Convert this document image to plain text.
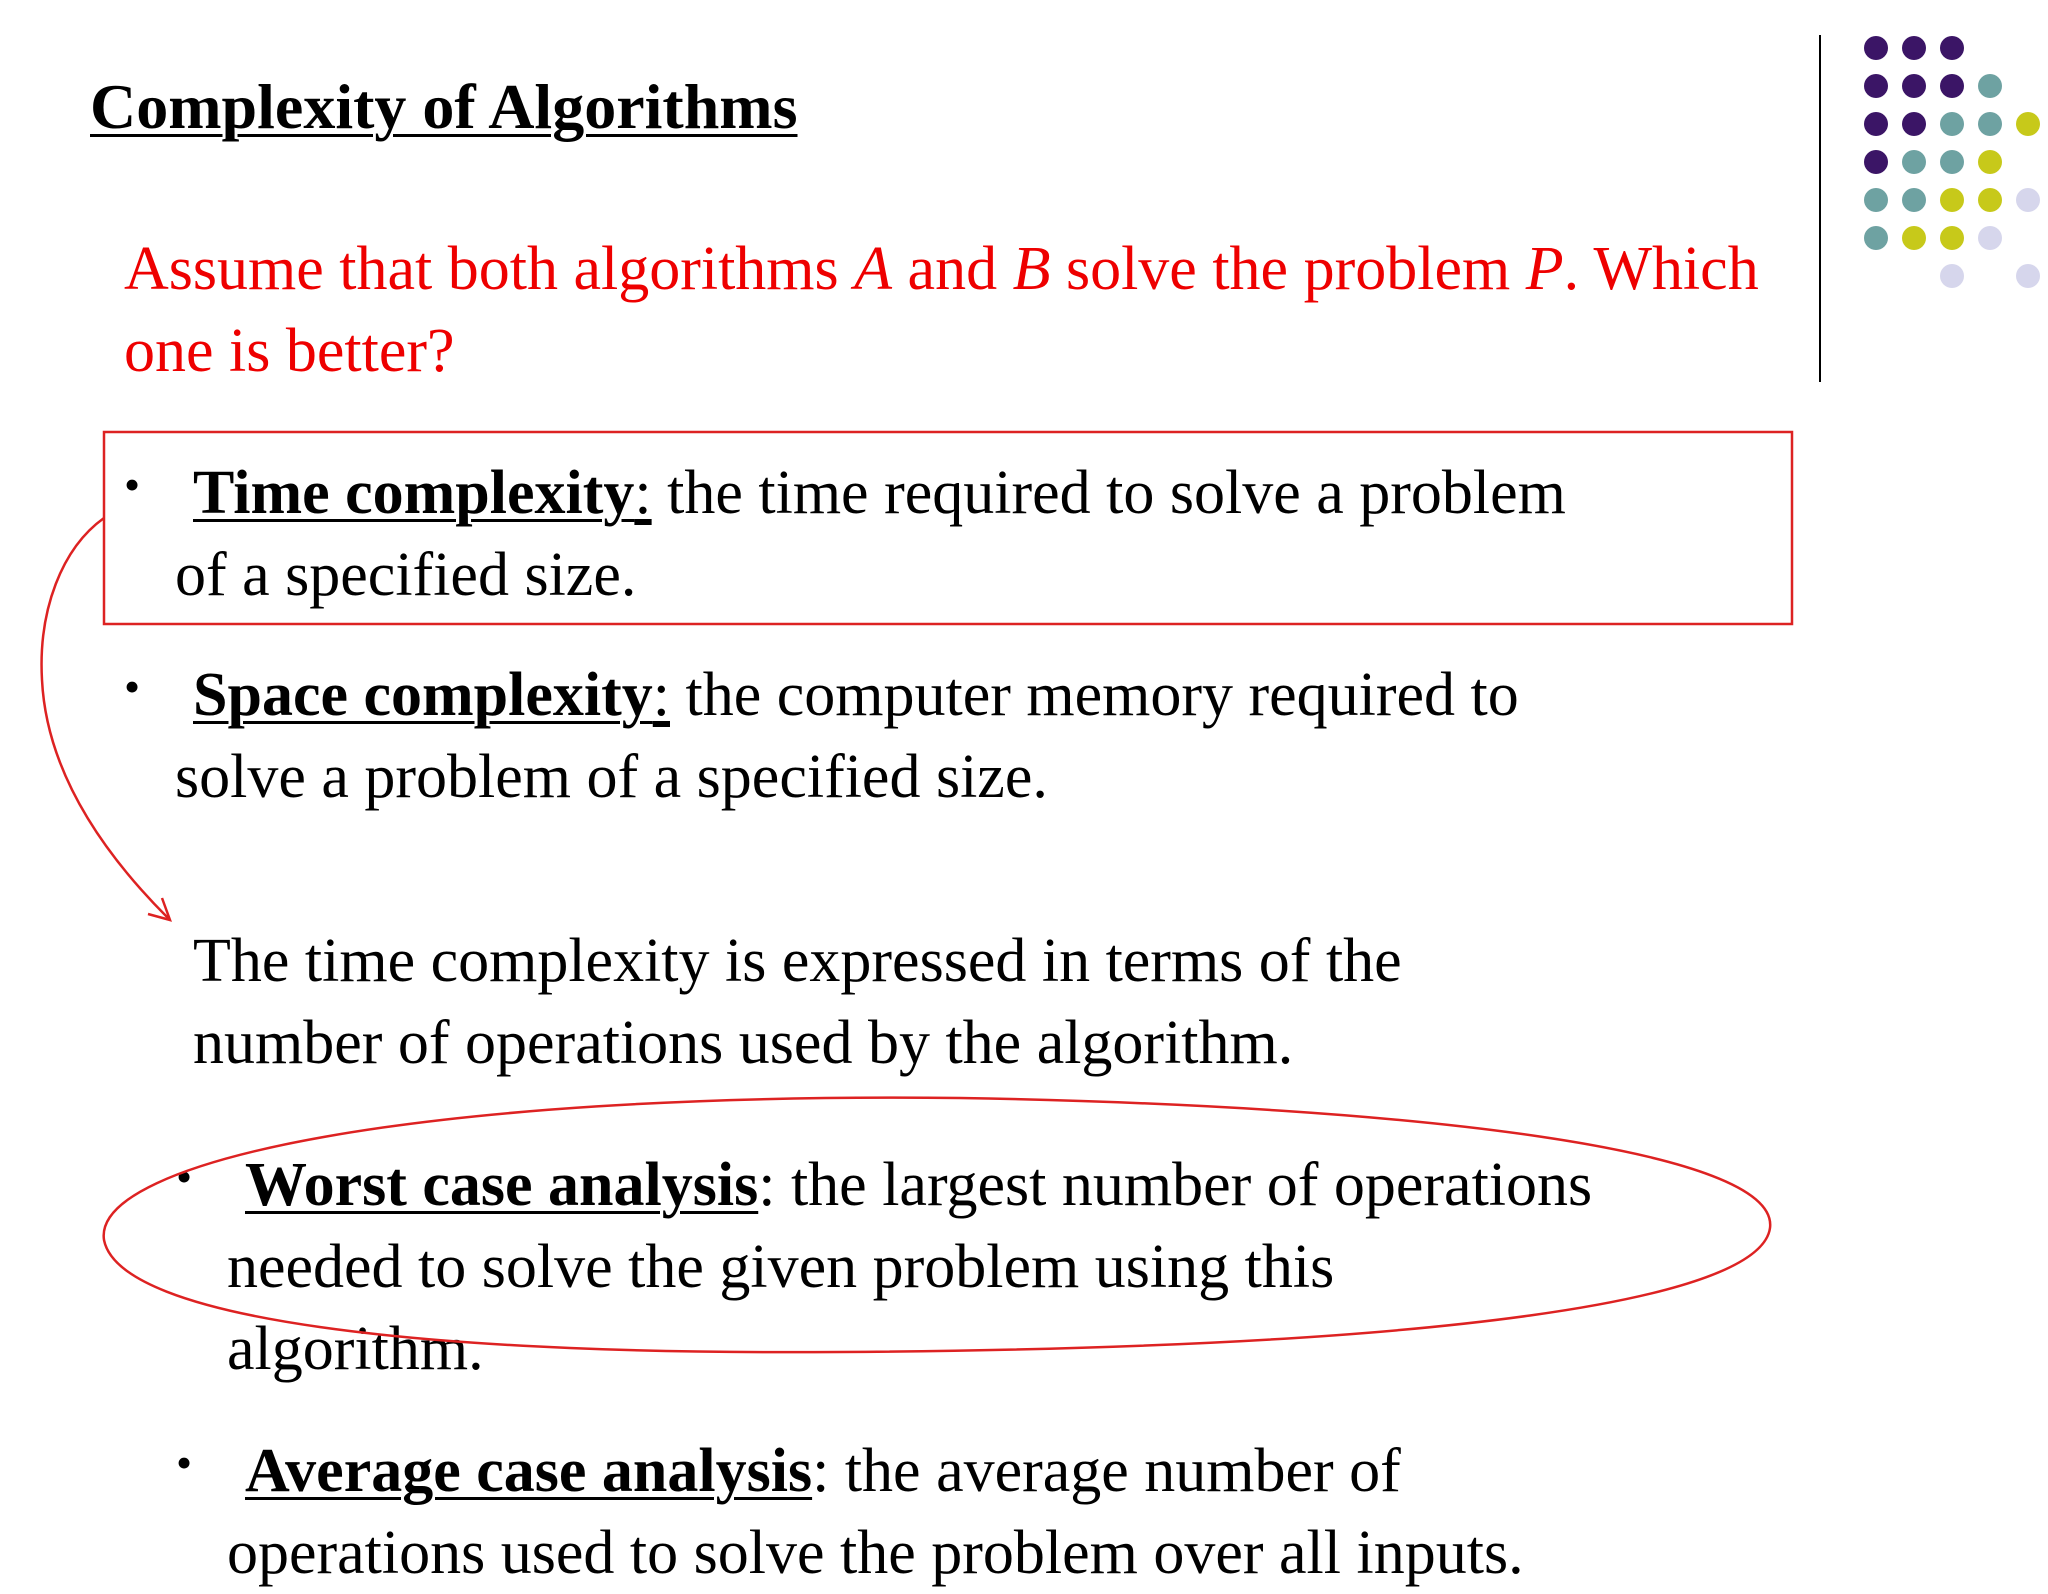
Complexity of Algorithms
Assume that both algorithms A and B solve the problem P. Which
one is better?
• Time complexity: the time required to solve a problem
of a specified size.
• Space complexity: the computer memory required to
solve a problem of a specified size.
The time complexity is expressed in terms of the
number of operations used by the algorithm.
• Worst case analysis: the largest number of operations
needed to solve the given problem using this
algorithm.
• Average case analysis: the average number of
operations used to solve the problem over all inputs.
